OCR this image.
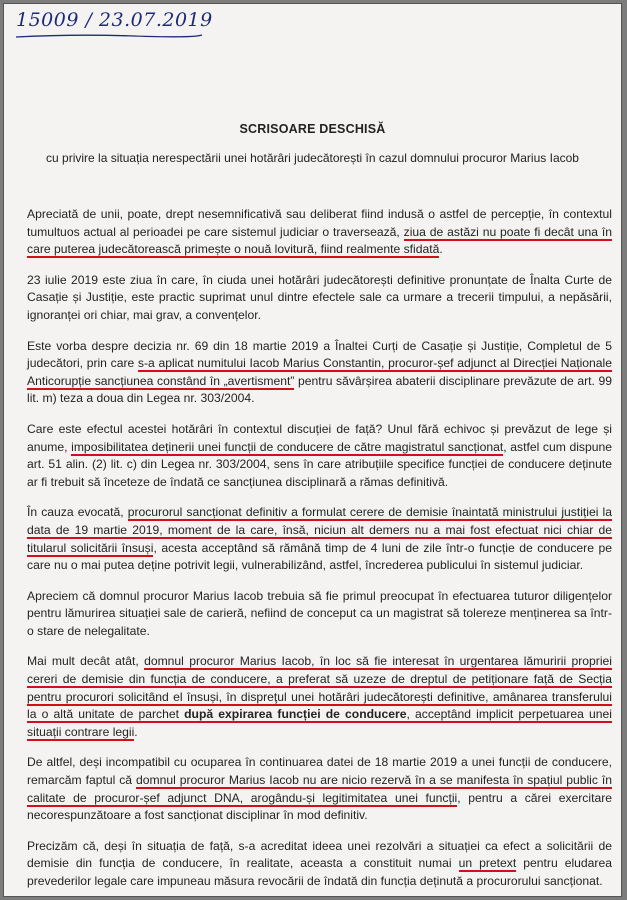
15009 / 23.07.2019

SCRISOARE DESCHISĂ

cu privire la situația nerespectării unei hotărâri judecătorești în cazul domnului procuror Marius Iacob

Apreciată de unii, poate, drept nesemnificativă sau deliberat fiind indusă o astfel de percepție, în contextul tumultuos actual al perioadei pe care sistemul judiciar o traversează, ziua de astăzi nu poate fi decât una în care puterea judecătorească primește o nouă lovitură, fiind realmente sfidată.

23 iulie 2019 este ziua în care, în ciuda unei hotărâri judecătorești definitive pronunțate de Înalta Curte de Casație și Justiție, este practic suprimat unul dintre efectele sale ca urmare a trecerii timpului, a nepăsării, ignoranței ori chiar, mai grav, a convențelor.

Este vorba despre decizia nr. 69 din 18 martie 2019 a Înaltei Curți de Casație și Justiție, Completul de 5 judecători, prin care s-a aplicat numitului Iacob Marius Constantin, procuror-șef adjunct al Direcției Naționale Anticorupție sancțiunea constând în „avertisment” pentru săvârșirea abaterii disciplinare prevăzute de art. 99 lit. m) teza a doua din Legea nr. 303/2004.

Care este efectul acestei hotărâri în contextul discuției de față? Unul fără echivoc și prevăzut de lege și anume, imposibilitatea deținerii unei funcții de conducere de către magistratul sancționat, astfel cum dispune art. 51 alin. (2) lit. c) din Legea nr. 303/2004, sens în care atribuțiile specifice funcției de conducere deținute ar fi trebuit să înceteze de îndată ce sancțiunea disciplinară a rămas definitivă.

În cauza evocată, procurorul sancționat definitiv a formulat cerere de demisie înaintată ministrului justiției la data de 19 martie 2019, moment de la care, însă, niciun alt demers nu a mai fost efectuat nici chiar de titularul solicitării însuși, acesta acceptând să rămână timp de 4 luni de zile într-o funcție de conducere pe care nu o mai putea deține potrivit legii, vulnerabilizând, astfel, încrederea publicului în sistemul judiciar.

Apreciem că domnul procuror Marius Iacob trebuia să fie primul preocupat în efectuarea tuturor diligențelor pentru lămurirea situației sale de carieră, nefiind de conceput ca un magistrat să tolereze menținerea sa într-o stare de nelegalitate.

Mai mult decât atât, domnul procuror Marius Iacob, în loc să fie interesat în urgentarea lămuririi propriei cereri de demisie din funcția de conducere, a preferat să uzeze de dreptul de petiționare față de Secția pentru procurori solicitând el însuși, în dispreţul unei hotărâri judecătorești definitive, amânarea transferului la o altă unitate de parchet după expirarea funcției de conducere, acceptând implicit perpetuarea unei situații contrare legii.

De altfel, deși incompatibil cu ocuparea în continuarea datei de 18 martie 2019 a unei funcții de conducere, remarcăm faptul că domnul procuror Marius Iacob nu are nicio rezervă în a se manifesta în spațiul public în calitate de procuror-șef adjunct DNA, arogându-și legitimitatea unei funcții, pentru a cărei exercitare necorespunzătoare a fost sancționat disciplinar în mod definitiv.

Precizăm că, deși în situația de față, s-a acreditat ideea unei rezolvări a situației ca efect a solicitării de demisie din funcția de conducere, în realitate, aceasta a constituit numai un pretext pentru eludarea prevederilor legale care impuneau măsura revocării de îndată din funcția deținută a procurorului sancționat.
